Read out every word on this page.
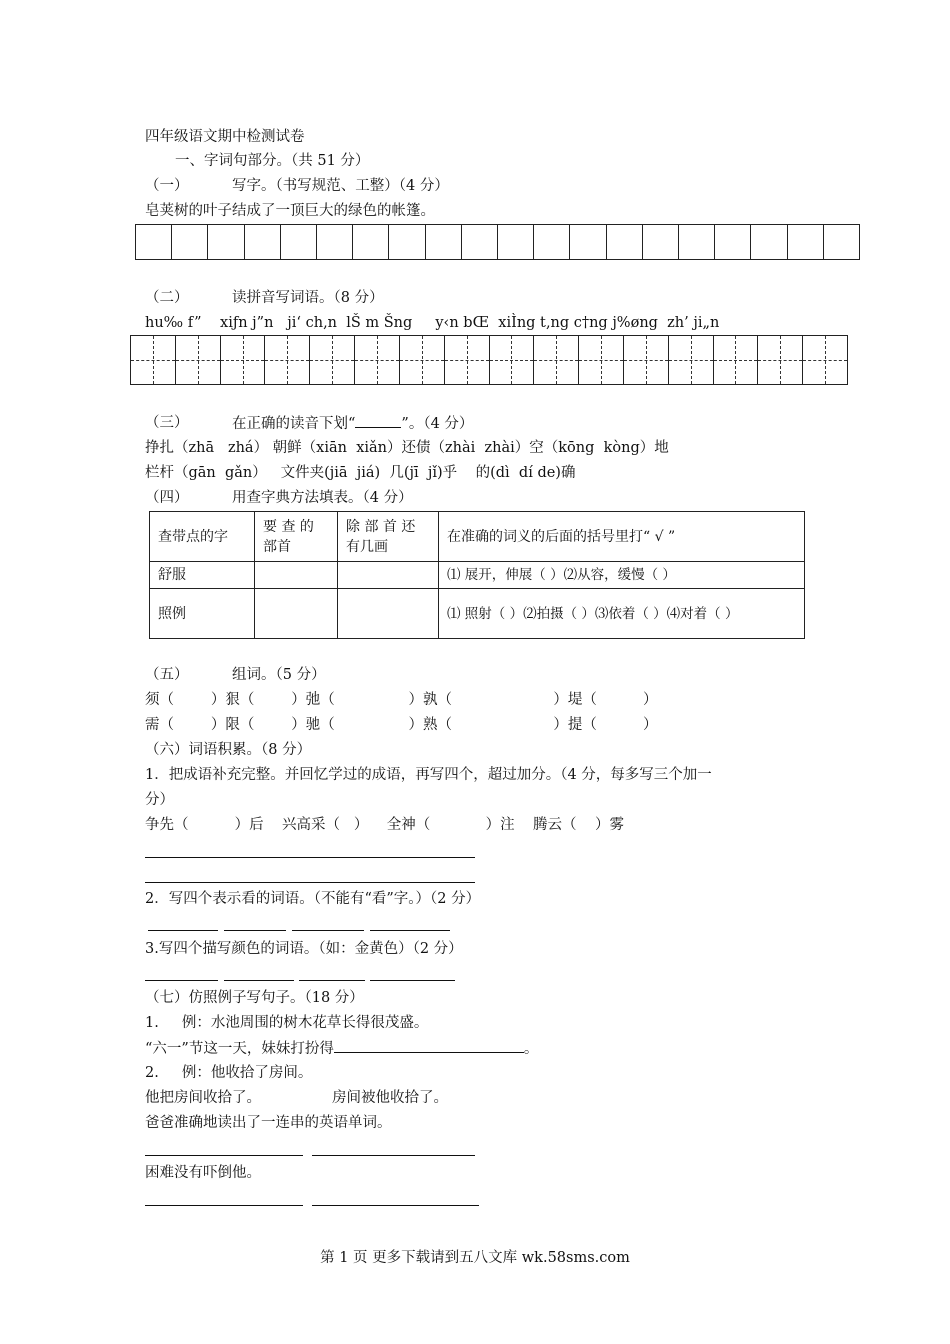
四年级语文期中检测试卷
一、字词句部分。（共 51 分）
（一）	写字。（书写规范、工整）（4 分）
皂荚树的叶子结成了一顶巨大的绿色的帐篷。
（二）	读拼音写词语。（8 分）
hu‰ f”    xiƒn j”n   ji‘ ch‚n  lŠ m Šng     y‹n bŒ  xiÌng t‚ng c†ng j%øng  zh’ ji„n
（三）	在正确的读音下划“	”。（4 分）
挣扎（zhā   zhá） 朝鲜（xiān  xiǎn）还债（zhài  zhài）空（kōng  kòng）地
栏杆（gān  gǎn）   文件夹(jiā  jiá)  几(jī  jǐ)乎    的(dì  dí de)确
（四）	用查字典方法填表。（4 分）
查带点的字	要 查 的 部首	除 部 首 还 有几画	在准确的词义的后面的括号里打“ √ ”
舒服			⑴ 展开，伸展（ ）⑵从容，缓慢（ ）
照例			⑴ 照射（ ）⑵拍摄（ ）⑶依着（ ）⑷对着（ ）
（五）	组词。（5 分）
须（        ）狠（        ）弛（                ）孰（                      ）堤（          ）
需（        ）限（        ）驰（                ）熟（                      ）提（          ）
（六）词语积累。（8 分）
1．把成语补充完整。并回忆学过的成语，再写四个，超过加分。（4 分，每多写三个加一
分）
争先（          ）后    兴高采（   ）    全神（            ）注    腾云（    ）雾
2．写四个表示看的词语。（不能有“看”字。）（2 分）
3.写四个描写颜色的词语。（如：金黄色）（2 分）
（七）仿照例子写句子。（18 分）
1.     例：水池周围的树木花草长得很茂盛。
“六一”节这一天，妹妹打扮得	。
2.     例：他收拾了房间。
他把房间收拾了。	房间被他收拾了。
爸爸准确地读出了一连串的英语单词。
困难没有吓倒他。
第 1 页 更多下载请到五八文库 wk.58sms.com
